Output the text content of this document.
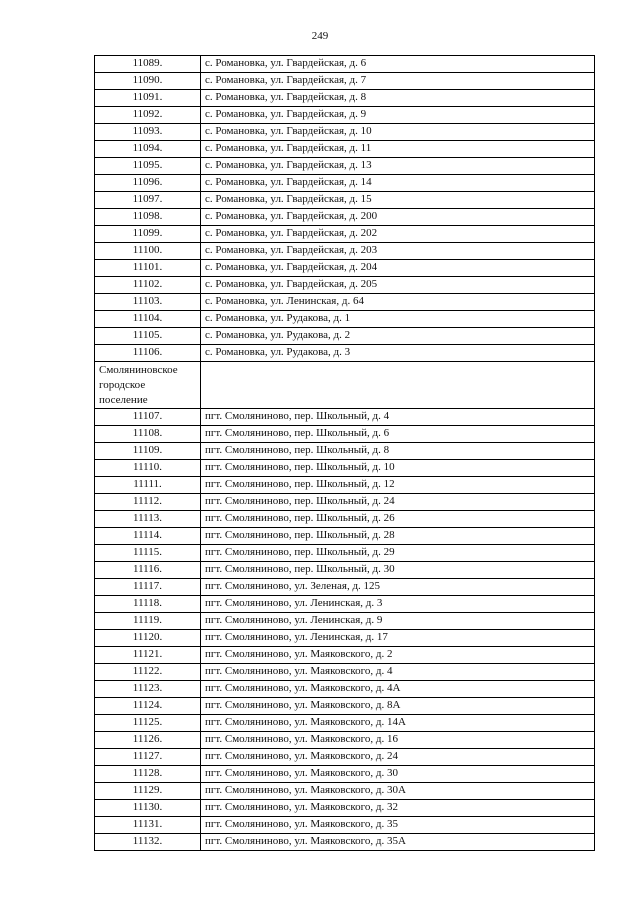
249
11089.	с. Романовка, ул. Гвардейская, д. 6
11090.	с. Романовка, ул. Гвардейская, д. 7
11091.	с. Романовка, ул. Гвардейская, д. 8
11092.	с. Романовка, ул. Гвардейская, д. 9
11093.	с. Романовка, ул. Гвардейская, д. 10
11094.	с. Романовка, ул. Гвардейская, д. 11
11095.	с. Романовка, ул. Гвардейская, д. 13
11096.	с. Романовка, ул. Гвардейская, д. 14
11097.	с. Романовка, ул. Гвардейская, д. 15
11098.	с. Романовка, ул. Гвардейская, д. 200
11099.	с. Романовка, ул. Гвардейская, д. 202
11100.	с. Романовка, ул. Гвардейская, д. 203
11101.	с. Романовка, ул. Гвардейская, д. 204
11102.	с. Романовка, ул. Гвардейская, д. 205
11103.	с. Романовка, ул. Ленинская, д. 64
11104.	с. Романовка, ул. Рудакова, д. 1
11105.	с. Романовка, ул. Рудакова, д. 2
11106.	с. Романовка, ул. Рудакова, д. 3
Смолянинoвское городское поселение	
11107.	пгт. Смолянинoво, пер. Школьный, д. 4
11108.	пгт. Смолянинoво, пер. Школьный, д. 6
11109.	пгт. Смолянинoво, пер. Школьный, д. 8
11110.	пгт. Смолянинoво, пер. Школьный, д. 10
11111.	пгт. Смолянинoво, пер. Школьный, д. 12
11112.	пгт. Смолянинoво, пер. Школьный, д. 24
11113.	пгт. Смолянинoво, пер. Школьный, д. 26
11114.	пгт. Смолянинoво, пер. Школьный, д. 28
11115.	пгт. Смолянинoво, пер. Школьный, д. 29
11116.	пгт. Смолянинoво, пер. Школьный, д. 30
11117.	пгт. Смолянинoво, ул. Зеленая, д. 125
11118.	пгт. Смолянинoво, ул. Ленинская, д. 3
11119.	пгт. Смолянинoво, ул. Ленинская, д. 9
11120.	пгт. Смолянинoво, ул. Ленинская, д. 17
11121.	пгт. Смолянинoво, ул. Маяковского, д. 2
11122.	пгт. Смолянинoво, ул. Маяковского, д. 4
11123.	пгт. Смолянинoво, ул. Маяковского, д. 4А
11124.	пгт. Смолянинoво, ул. Маяковского, д. 8А
11125.	пгт. Смолянинoво, ул. Маяковского, д. 14А
11126.	пгт. Смолянинoво, ул. Маяковского, д. 16
11127.	пгт. Смолянинoво, ул. Маяковского, д. 24
11128.	пгт. Смолянинoво, ул. Маяковского, д. 30
11129.	пгт. Смолянинoво, ул. Маяковского, д. 30А
11130.	пгт. Смолянинoво, ул. Маяковского, д. 32
11131.	пгт. Смолянинoво, ул. Маяковского, д. 35
11132.	пгт. Смолянинoво, ул. Маяковского, д. 35А
